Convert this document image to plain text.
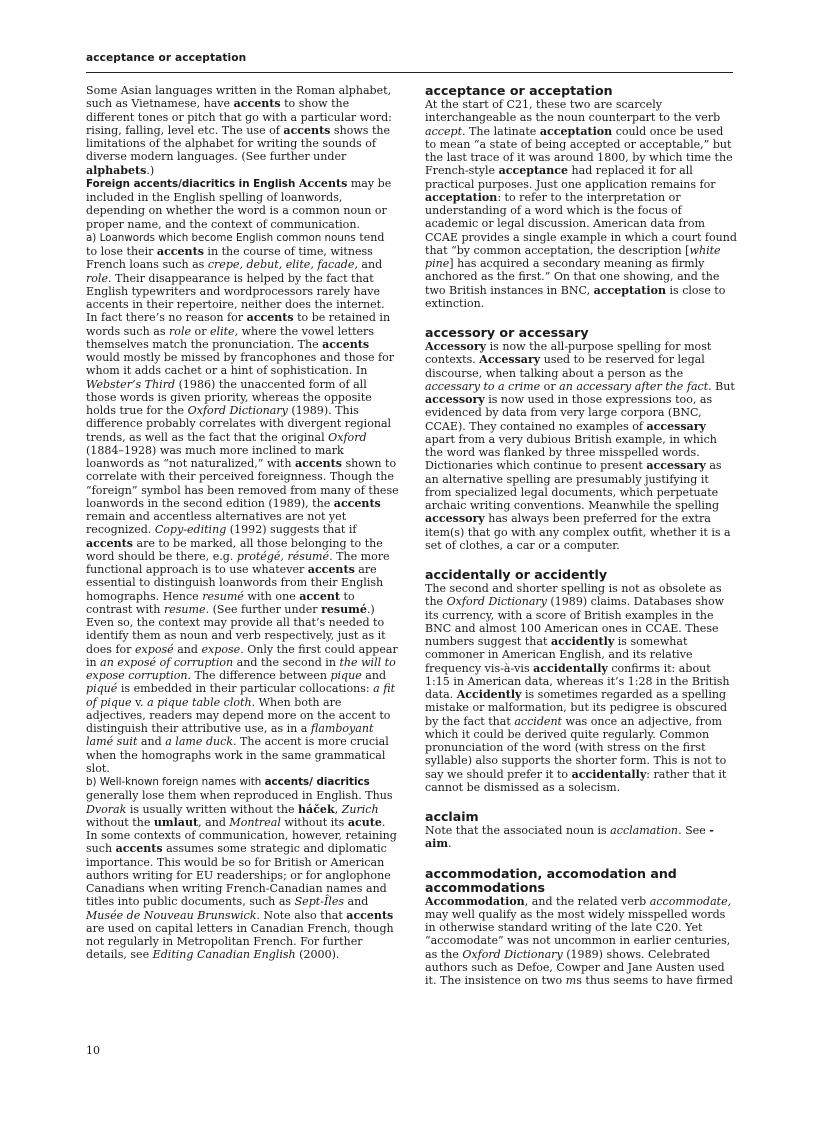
acceptance or acceptation

Some Asian languages written in the Roman alphabet, such as Vietnamese, have accents to show the different tones or pitch that go with a particular word: rising, falling, level etc. The use of accents shows the limitations of the alphabet for writing the sounds of diverse modern languages. (See further under alphabets.)

Foreign accents/diacritics in English Accents may be included in the English spelling of loanwords, depending on whether the word is a common noun or proper name, and the context of communication.

a) Loanwords which become English common nouns tend to lose their accents in the course of time, witness French loans such as crepe, debut, elite, facade, and role. Their disappearance is helped by the fact that English typewriters and wordprocessors rarely have accents in their repertoire, neither does the internet. In fact there’s no reason for accents to be retained in words such as role or elite, where the vowel letters themselves match the pronunciation. The accents would mostly be missed by francophones and those for whom it adds cachet or a hint of sophistication. In Webster’s Third (1986) the unaccented form of all those words is given priority, whereas the opposite holds true for the Oxford Dictionary (1989). This difference probably correlates with divergent regional trends, as well as the fact that the original Oxford (1884–1928) was much more inclined to mark loanwords as “not naturalized,” with accents shown to correlate with their perceived foreignness. Though the “foreign” symbol has been removed from many of these loanwords in the second edition (1989), the accents remain and accentless alternatives are not yet recognized. Copy-editing (1992) suggests that if accents are to be marked, all those belonging to the word should be there, e.g. protégé, résumé. The more functional approach is to use whatever accents are essential to distinguish loanwords from their English homographs. Hence resumé with one accent to contrast with resume. (See further under resumé.) Even so, the context may provide all that’s needed to identify them as noun and verb respectively, just as it does for exposé and expose. Only the first could appear in an exposé of corruption and the second in the will to expose corruption. The difference between pique and piqué is embedded in their particular collocations: a fit of pique v. a pique table cloth. When both are adjectives, readers may depend more on the accent to distinguish their attributive use, as in a flamboyant lamé suit and a lame duck. The accent is more crucial when the homographs work in the same grammatical slot.

b) Well-known foreign names with accents/ diacritics generally lose them when reproduced in English. Thus Dvorak is usually written without the háček, Zurich without the umlaut, and Montreal without its acute. In some contexts of communication, however, retaining such accents assumes some strategic and diplomatic importance. This would be so for British or American authors writing for EU readerships; or for anglophone Canadians when writing French-Canadian names and titles into public documents, such as Sept-Îles and Musée de Nouveau Brunswick. Note also that accents are used on capital letters in Canadian French, though not regularly in Metropolitan French. For further details, see Editing Canadian English (2000).

acceptance or acceptation

At the start of C21, these two are scarcely interchangeable as the noun counterpart to the verb accept. The latinate acceptation could once be used to mean “a state of being accepted or acceptable,” but the last trace of it was around 1800, by which time the French-style acceptance had replaced it for all practical purposes. Just one application remains for acceptation: to refer to the interpretation or understanding of a word which is the focus of academic or legal discussion. American data from CCAE provides a single example in which a court found that “by common acceptation, the description [white pine] has acquired a secondary meaning as firmly anchored as the first.” On that one showing, and the two British instances in BNC, acceptation is close to extinction.

accessory or accessary

Accessory is now the all-purpose spelling for most contexts. Accessary used to be reserved for legal discourse, when talking about a person as the accessary to a crime or an accessary after the fact. But accessory is now used in those expressions too, as evidenced by data from very large corpora (BNC, CCAE). They contained no examples of accessary apart from a very dubious British example, in which the word was flanked by three misspelled words. Dictionaries which continue to present accessary as an alternative spelling are presumably justifying it from specialized legal documents, which perpetuate archaic writing conventions. Meanwhile the spelling accessory has always been preferred for the extra item(s) that go with any complex outfit, whether it is a set of clothes, a car or a computer.

accidentally or accidently

The second and shorter spelling is not as obsolete as the Oxford Dictionary (1989) claims. Databases show its currency, with a score of British examples in the BNC and almost 100 American ones in CCAE. These numbers suggest that accidently is somewhat commoner in American English, and its relative frequency vis-à-vis accidentally confirms it: about 1:15 in American data, whereas it’s 1:28 in the British data. Accidently is sometimes regarded as a spelling mistake or malformation, but its pedigree is obscured by the fact that accident was once an adjective, from which it could be derived quite regularly. Common pronunciation of the word (with stress on the first syllable) also supports the shorter form. This is not to say we should prefer it to accidentally: rather that it cannot be dismissed as a solecism.

acclaim

Note that the associated noun is acclamation. See -aim.

accommodation, accomodation and accommodations

Accommodation, and the related verb accommodate, may well qualify as the most widely misspelled words in otherwise standard writing of the late C20. Yet “accomodate” was not uncommon in earlier centuries, as the Oxford Dictionary (1989) shows. Celebrated authors such as Defoe, Cowper and Jane Austen used it. The insistence on two ms thus seems to have firmed

10
